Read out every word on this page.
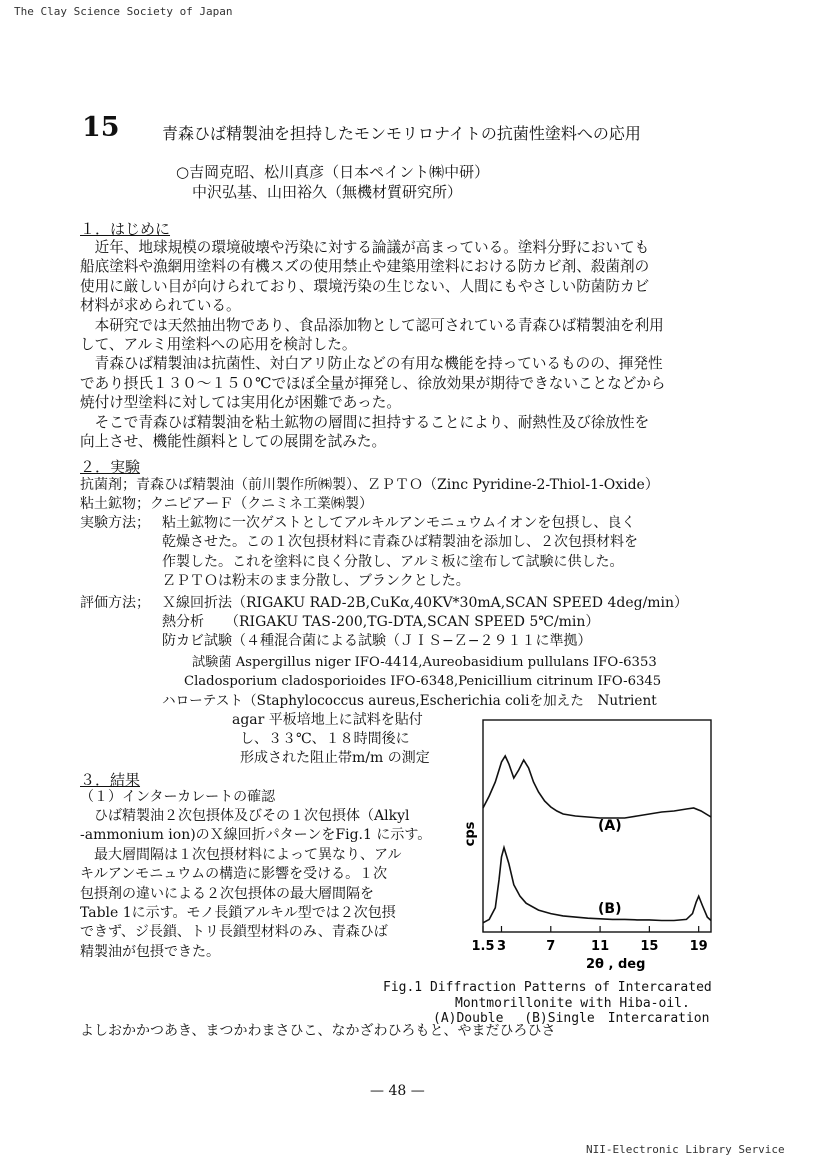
The Clay Science Society of Japan
NII-Electronic Library Service
— 48 —
15	青森ひば精製油を担持したモンモリロナイトの抗菌性塗料への応用
○吉岡克昭、松川真彦（日本ペイント㈱中研）
中沢弘基、山田裕久（無機材質研究所）
１．はじめに

　近年、地球規模の環境破壊や汚染に対する論議が高まっている。塗料分野においても

船底塗料や漁網用塗料の有機スズの使用禁止や建築用塗料における防カビ剤、殺菌剤の

使用に厳しい目が向けられており、環境汚染の生じない、人間にもやさしい防菌防カビ

材料が求められている。

　本研究では天然抽出物であり、食品添加物として認可されている青森ひば精製油を利用

して、アルミ用塗料への応用を検討した。

　青森ひば精製油は抗菌性、対白アリ防止などの有用な機能を持っているものの、揮発性

であり摂氏１３０〜１５０℃でほぼ全量が揮発し、徐放効果が期待できないことなどから

焼付け型塗料に対しては実用化が困難であった。

　そこで青森ひば精製油を粘土鉱物の層間に担持することにより、耐熱性及び徐放性を

向上させ、機能性顔料としての展開を試みた。

２．実験
抗菌剤；青森ひば精製油（前川製作所㈱製）、ＺＰＴＯ（Zinc Pyridine-2-Thiol-1-Oxide）
粘土鉱物；クニピアーＦ（クニミネ工業㈱製）
実験方法； 粘土鉱物に一次ゲストとしてアルキルアンモニュウムイオンを包摂し、良く
乾燥させた。この１次包摂材料に青森ひば精製油を添加し、２次包摂材料を
作製した。これを塗料に良く分散し、アルミ板に塗布して試験に供した。
ＺＰＴＯは粉末のまま分散し、ブランクとした。
評価方法； Ｘ線回折法（RIGAKU RAD-2B,CuKα,40KV*30mA,SCAN SPEED 4deg/min）
熱分析　　（RIGAKU TAS-200,TG-DTA,SCAN SPEED 5℃/min）
防カビ試験（４種混合菌による試験（ＪＩＳ−Ｚ−２９１１に準拠）
試験菌 Aspergillus niger IFO-4414,Aureobasidium pullulans IFO-6353
Cladosporium cladosporioides IFO-6348,Penicillium citrinum IFO-6345
ハローテスト（Staphylococcus aureus,Escherichia coliを加えた　Nutrient
agar 平板培地上に試料を貼付
し、３３℃、１８時間後に
形成された阻止帯m/m の測定
３．結果
（１）インターカレートの確認
　ひば精製油２次包摂体及びその１次包摂体（Alkyl
-ammonium ion)のＸ線回折パターンをFig.1 に示す。
　最大層間隔は１次包摂材料によって異なり、アル
キルアンモニュウムの構造に影響を受ける。１次
包摂剤の違いによる２次包摂体の最大層間隔を
Table 1に示す。モノ長鎖アルキル型では２次包摂
できず、ジ長鎖、トリ長鎖型材料のみ、青森ひば
精製油が包摂できた。
cps	(A)
(B)
1.5 3	7	11 15 19
2θ , deg
Fig.1 Diffraction Patterns of Intercarated
Montmorillonite with Hiba-oil.
(A)Double　 (B)Single　Intercaration
よしおかかつあき、まつかわまさひこ、なかざわひろもと、やまだひろひさ
